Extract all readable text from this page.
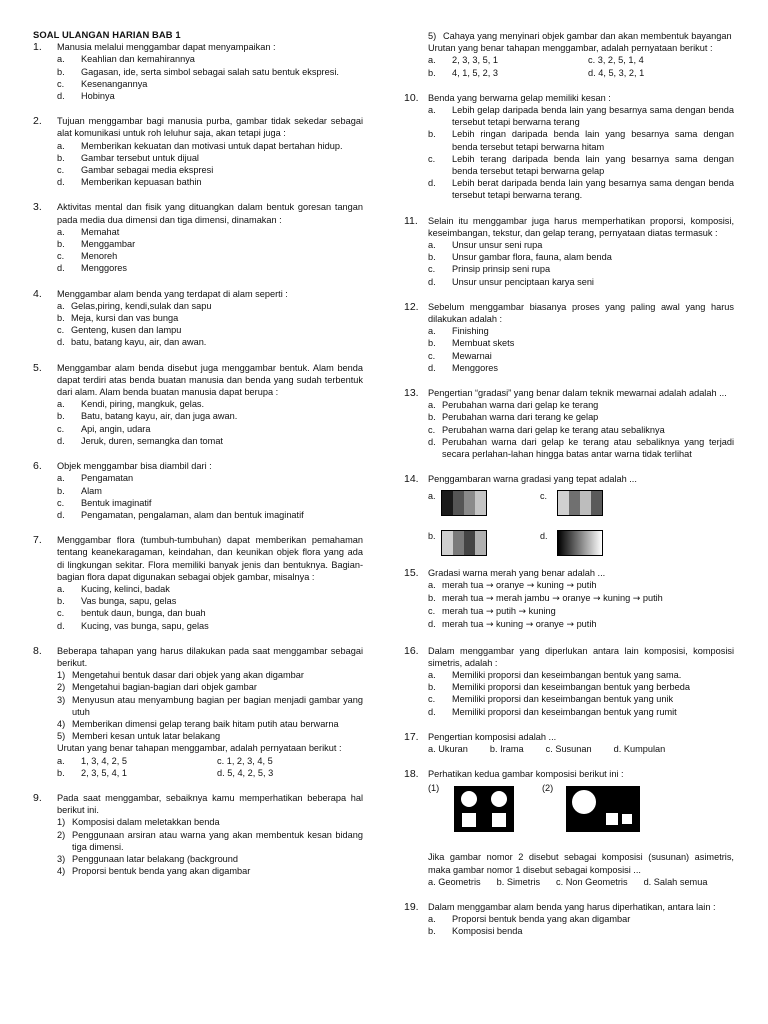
SOAL ULANGAN HARIAN BAB 1
1. Manusia melalui menggambar dapat menyampaikan :
a. Keahlian dan kemahirannya
b. Gagasan, ide, serta simbol sebagai salah satu bentuk ekspresi.
c. Kesenangannya
d. Hobinya
2. Tujuan menggambar bagi manusia purba, gambar tidak sekedar sebagai alat komunikasi untuk roh leluhur saja, akan tetapi juga :
a. Memberikan kekuatan dan motivasi untuk dapat bertahan hidup.
b. Gambar tersebut untuk dijual
c. Gambar sebagai media ekspresi
d. Memberikan kepuasan bathin
3. Aktivitas mental dan fisik yang dituangkan dalam bentuk goresan tangan pada media dua dimensi dan tiga dimensi, dinamakan :
a. Memahat
b. Menggambar
c. Menoreh
d. Menggores
4. Menggambar alam benda yang terdapat di alam seperti :
a. Gelas,piring, kendi,sulak dan sapu
b. Meja, kursi dan vas bunga
c. Genteng, kusen dan lampu
d. batu, batang kayu, air, dan awan.
5. Menggambar alam benda disebut juga menggambar bentuk. Alam benda dapat terdiri atas benda buatan manusia dan benda yang sudah terbentuk dari alam. Alam benda buatan manusia dapat berupa :
a. Kendi, piring, mangkuk, gelas.
b. Batu, batang kayu, air, dan juga awan.
c. Api, angin, udara
d. Jeruk, duren, semangka dan tomat
6. Objek menggambar bisa diambil dari :
a. Pengamatan
b. Alam
c. Bentuk imaginatif
d. Pengamatan, pengalaman, alam dan bentuk imaginatif
7. Menggambar flora (tumbuh-tumbuhan) dapat memberikan pemahaman tentang keanekaragaman, keindahan, dan keunikan objek flora yang ada di lingkungan sekitar. Flora memiliki banyak jenis dan bentuknya. Bagian-bagian flora dapat digunakan sebagai objek gambar, misalnya :
a. Kucing, kelinci, badak
b. Vas bunga, sapu, gelas
c. bentuk daun, bunga, dan buah
d. Kucing, vas bunga, sapu, gelas
8. Beberapa tahapan yang harus dilakukan pada saat menggambar sebagai berikut.
1) Mengetahui bentuk dasar dari objek yang akan digambar
2) Mengetahui bagian-bagian dari objek gambar
3) Menyusun atau menyambung bagian per bagian menjadi gambar yang utuh
4) Memberikan dimensi gelap terang baik hitam putih atau berwarna
5) Memberi kesan untuk latar belakang
Urutan yang benar tahapan menggambar, adalah pernyataan berikut :
a. 1, 3, 4, 2, 5	c. 1, 2, 3, 4, 5
b. 2, 3, 5, 4, 1	d. 5, 4, 2, 5, 3
9. Pada saat menggambar, sebaiknya kamu memperhatikan beberapa hal berikut ini.
1) Komposisi dalam meletakkan benda
2) Penggunaan arsiran atau warna yang akan membentuk kesan bidang tiga dimensi.
3) Penggunaan latar belakang (background
4) Proporsi bentuk benda yang akan digambar
5) Cahaya yang menyinari objek gambar dan akan membentuk bayangan
Urutan yang benar tahapan menggambar, adalah pernyataan berikut :
a. 2, 3, 3, 5, 1	c. 3, 2, 5, 1, 4
b. 4, 1, 5, 2, 3	d. 4, 5, 3, 2, 1
10. Benda yang berwarna gelap memiliki kesan :
a. Lebih gelap daripada benda lain yang besarnya sama dengan benda tersebut tetapi berwarna terang
b. Lebih ringan daripada benda lain yang besarnya sama dengan benda tersebut tetapi berwarna hitam
c. Lebih terang daripada benda lain yang besarnya sama dengan benda tersebut tetapi berwarna gelap
d. Lebih berat daripada benda lain yang besarnya sama dengan benda tersebut tetapi berwarna terang.
11. Selain itu menggambar juga harus memperhatikan proporsi, komposisi, keseimbangan, tekstur, dan gelap terang, pernyataan diatas termasuk :
a. Unsur unsur seni rupa
b. Unsur gambar flora, fauna, alam benda
c. Prinsip prinsip seni rupa
d. Unsur unsur penciptaan karya seni
12. Sebelum menggambar biasanya proses yang paling awal yang harus dilakukan adalah :
a. Finishing
b. Membuat skets
c. Mewarnai
d. Menggores
13. Pengertian “gradasi” yang benar dalam teknik mewarnai adalah adalah ...
a. Perubahan warna dari gelap ke terang
b. Perubahan warna dari terang ke gelap
c. Perubahan warna dari gelap ke terang atau sebaliknya
d. Perubahan warna dari gelap ke terang atau sebaliknya yang terjadi secara perlahan-lahan hingga batas antar warna tidak terlihat
14. Penggambaran warna gradasi yang tepat adalah ...
a.	c.
b.	d.
15. Gradasi warna merah yang benar adalah ...
a. merah tua → oranye → kuning → putih
b. merah tua → merah jambu → oranye → kuning → putih
c. merah tua → putih → kuning
d. merah tua → kuning → oranye → putih
16. Dalam menggambar yang diperlukan antara lain komposisi, komposisi simetris, adalah :
a. Memiliki proporsi dan keseimbangan bentuk yang sama.
b. Memiliki proporsi dan keseimbangan bentuk yang berbeda
c. Memiliki proporsi dan keseimbangan bentuk yang unik
d. Memiliki proporsi dan keseimbangan bentuk yang rumit
17. Pengertian komposisi adalah ...
a. Ukuran b. Irama c. Susunan d. Kumpulan
18. Perhatikan kedua gambar komposisi berikut ini :
(1)	(2)
Jika gambar nomor 2 disebut sebagai komposisi (susunan) asimetris, maka gambar nomor 1 disebut sebagai komposisi ...
a. Geometris b. Simetris c. Non Geometris d. Salah semua
19. Dalam menggambar alam benda yang harus diperhatikan, antara lain :
a. Proporsi bentuk benda yang akan digambar
b. Komposisi benda
